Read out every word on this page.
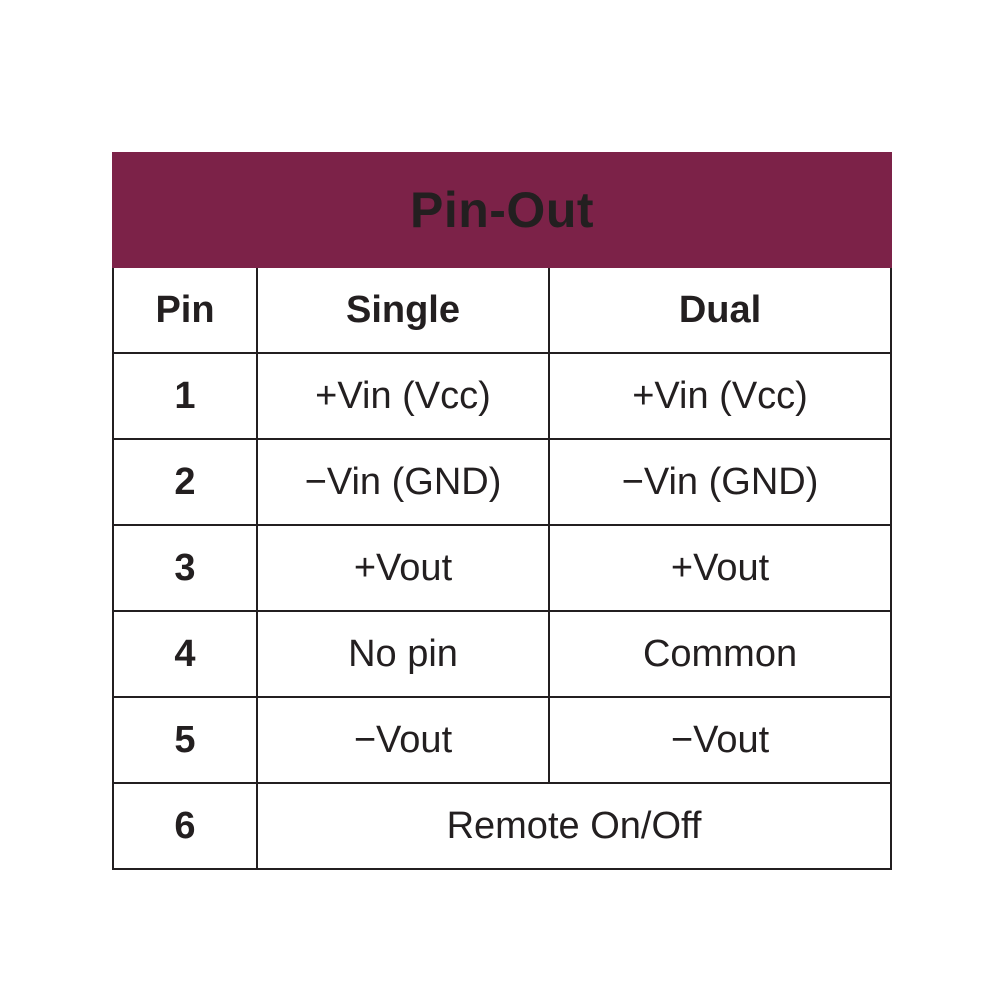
Pin-Out		
Pin	Single	Dual
1	+Vin (Vcc)	+Vin (Vcc)
2	−Vin (GND)	−Vin (GND)
3	+Vout	+Vout
4	No pin	Common
5	−Vout	−Vout
6	Remote On/Off	
